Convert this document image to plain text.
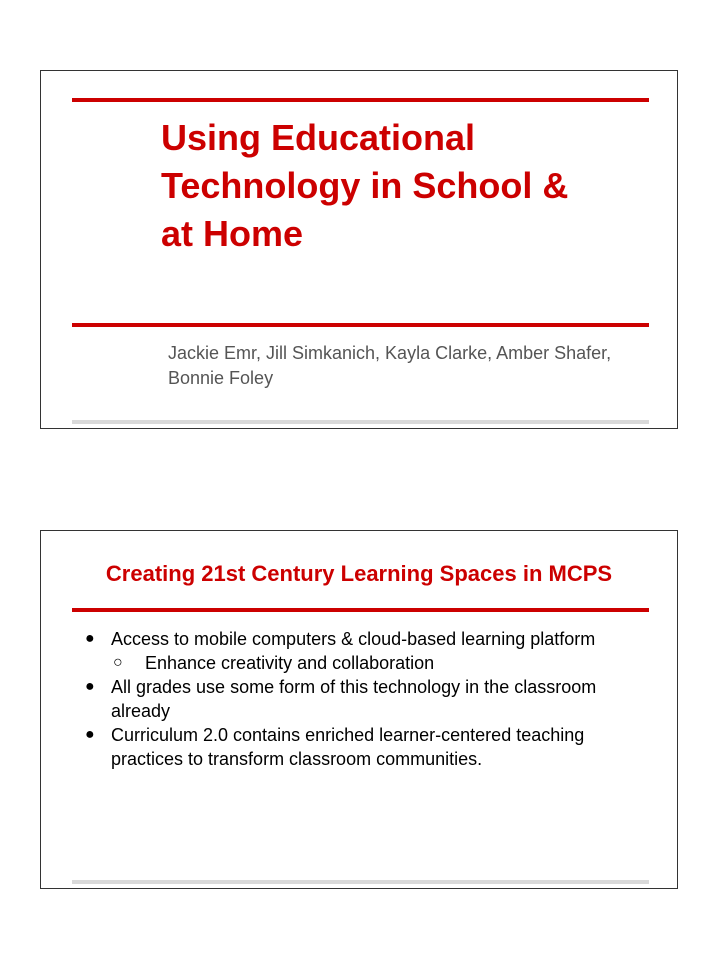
Using Educational
Technology in School &
at Home

Jackie Emr, Jill Simkanich, Kayla Clarke, Amber Shafer, Bonnie Foley

Creating 21st Century Learning Spaces in MCPS
● Access to mobile computers & cloud-based learning platform
○ Enhance creativity and collaboration
● All grades use some form of this technology in the classroom already
● Curriculum 2.0 contains enriched learner-centered teaching practices to transform classroom communities.
